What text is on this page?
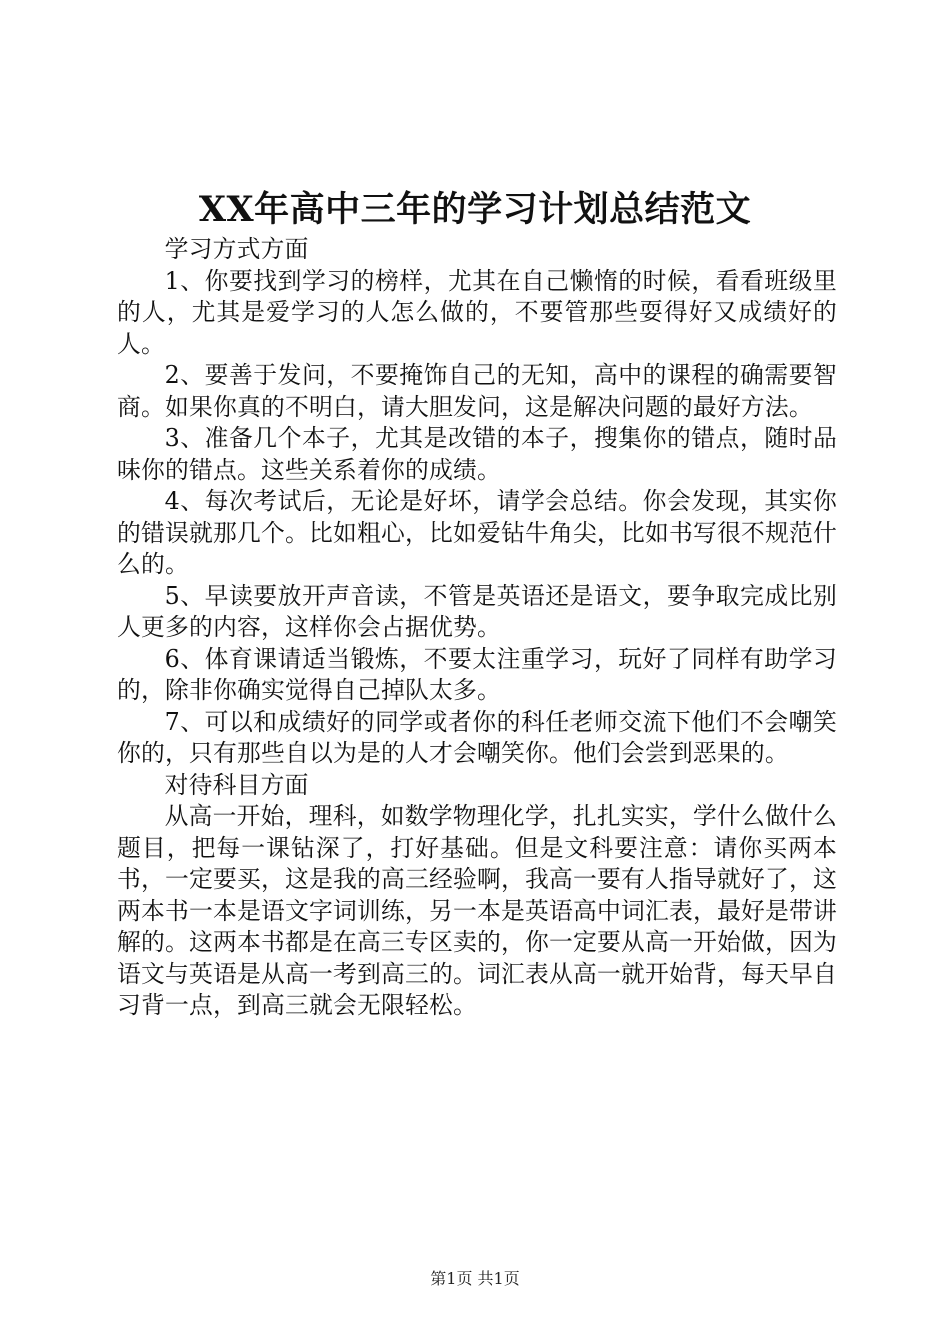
XX年高中三年的学习计划总结范文

学习方式方面

1、你要找到学习的榜样，尤其在自己懒惰的时候，看看班级里的人，尤其是爱学习的人怎么做的，不要管那些耍得好又成绩好的人。

2、要善于发问，不要掩饰自己的无知，高中的课程的确需要智商。如果你真的不明白，请大胆发问，这是解决问题的最好方法。

3、准备几个本子，尤其是改错的本子，搜集你的错点，随时品味你的错点。这些关系着你的成绩。

4、每次考试后，无论是好坏，请学会总结。你会发现，其实你的错误就那几个。比如粗心，比如爱钻牛角尖，比如书写很不规范什么的。

5、早读要放开声音读，不管是英语还是语文，要争取完成比别人更多的内容，这样你会占据优势。

6、体育课请适当锻炼，不要太注重学习，玩好了同样有助学习的，除非你确实觉得自己掉队太多。

7、可以和成绩好的同学或者你的科任老师交流下他们不会嘲笑你的，只有那些自以为是的人才会嘲笑你。他们会尝到恶果的。

对待科目方面

从高一开始，理科，如数学物理化学，扎扎实实，学什么做什么题目，把每一课钻深了，打好基础。但是文科要注意：请你买两本书，一定要买，这是我的高三经验啊，我高一要有人指导就好了，这两本书一本是语文字词训练，另一本是英语高中词汇表，最好是带讲解的。这两本书都是在高三专区卖的，你一定要从高一开始做，因为语文与英语是从高一考到高三的。词汇表从高一就开始背，每天早自习背一点，到高三就会无限轻松。

第1页 共1页
